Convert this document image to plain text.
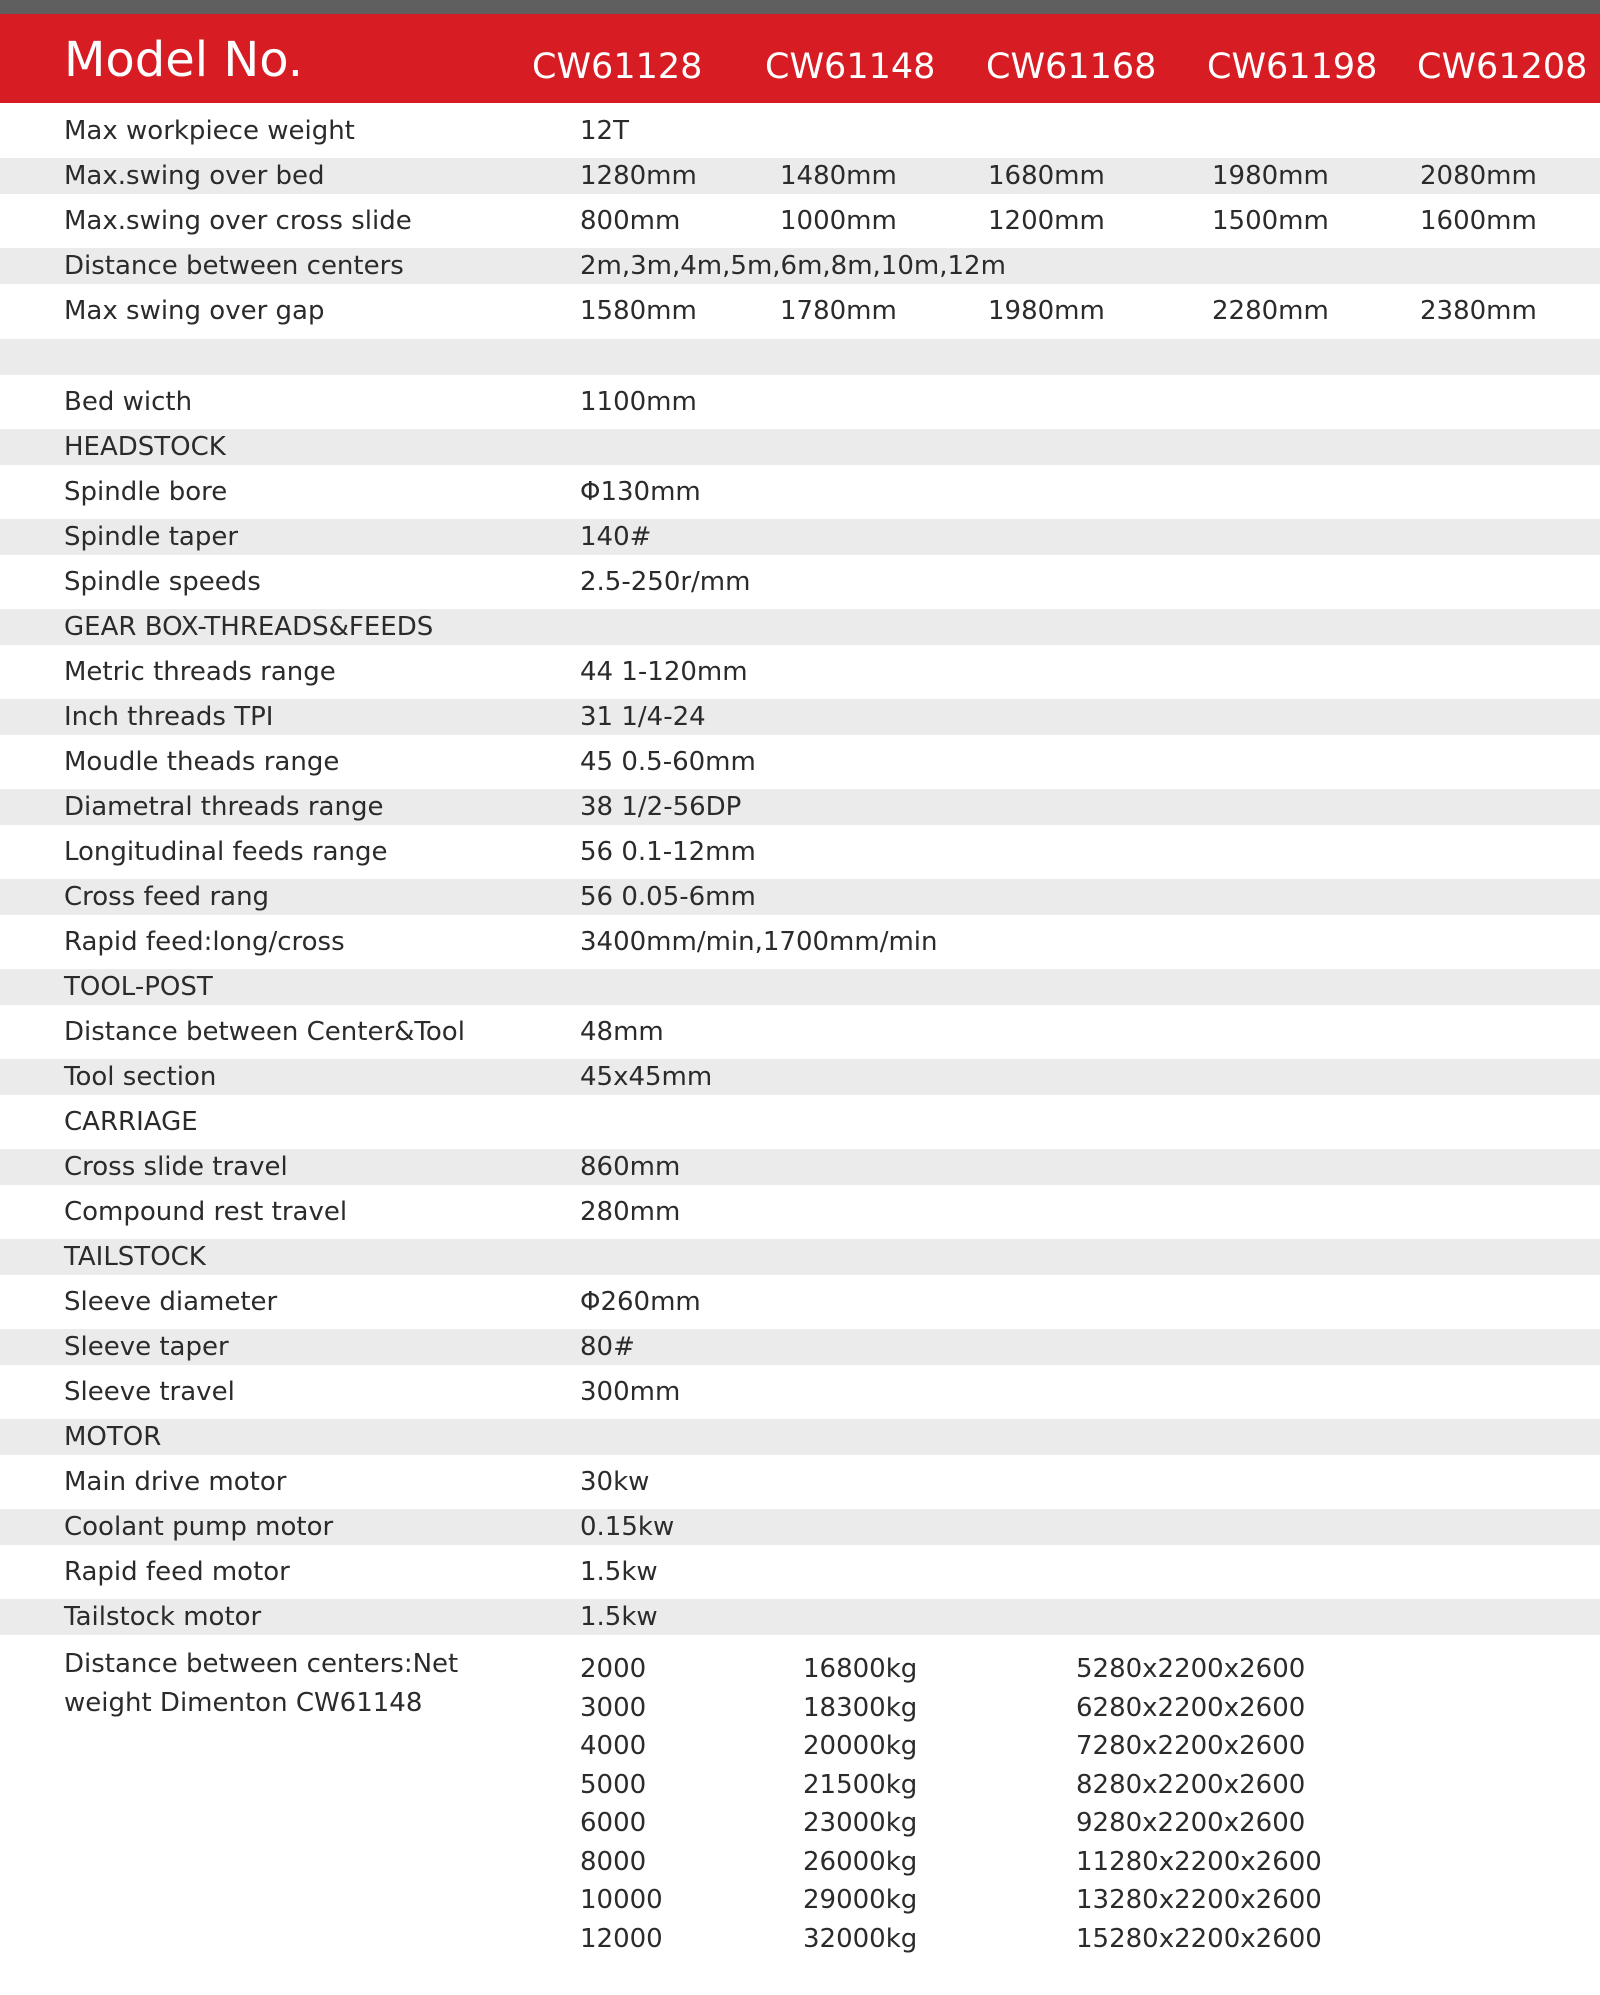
Model No.	CW61128 CW61148 CW61168 CW61198 CW61208
Max workpiece weight	12T
Max.swing over bed	1280mm	1480mm	1680mm	1980mm	2080mm
Max.swing over cross slide	800mm	1000mm	1200mm	1500mm	1600mm
Distance between centers	2m,3m,4m,5m,6m,8m,10m,12m
Max swing over gap	1580mm	1780mm	1980mm	2280mm	2380mm
Bed wicth	1100mm
HEADSTOCK
Spindle bore	Φ130mm
Spindle taper	140#
Spindle speeds	2.5-250r/mm
GEAR BOX-THREADS&FEEDS
Metric threads range	44 1-120mm
Inch threads TPI	31 1/4-24
Moudle theads range	45 0.5-60mm
Diametral threads range	38 1/2-56DP
Longitudinal feeds range	56 0.1-12mm
Cross feed rang	56 0.05-6mm
Rapid feed:long/cross	3400mm/min,1700mm/min
TOOL-POST
Distance between Center&Tool	48mm
Tool section	45x45mm
CARRIAGE
Cross slide travel	860mm
Compound rest travel	280mm
TAILSTOCK
Sleeve diameter	Φ260mm
Sleeve taper	80#
Sleeve travel	300mm
MOTOR
Main drive motor	30kw
Coolant pump motor	0.15kw
Rapid feed motor	1.5kw
Tailstock motor	1.5kw
Distance between centers:Net
weight Dimenton CW61148
2000	16800kg	5280x2200x2600
3000	18300kg	6280x2200x2600
4000	20000kg	7280x2200x2600
5000	21500kg	8280x2200x2600
6000	23000kg	9280x2200x2600
8000	26000kg	11280x2200x2600
10000	29000kg	13280x2200x2600
12000	32000kg	15280x2200x2600
